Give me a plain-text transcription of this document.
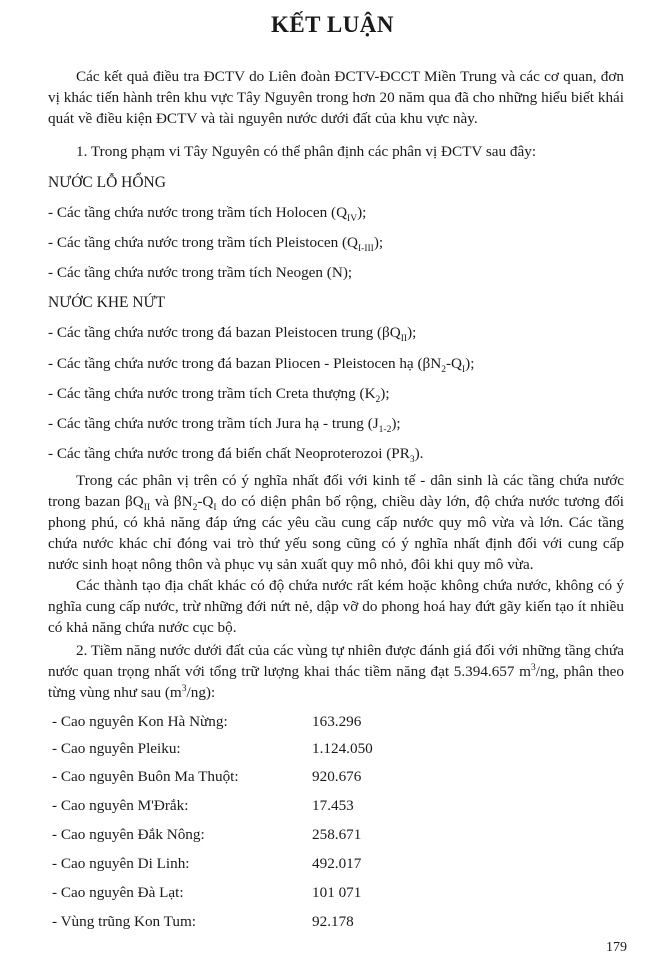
KẾT LUẬN
Các kết quả điều tra ĐCTV do Liên đoàn ĐCTV-ĐCCT Miền Trung và các cơ quan, đơn vị khác tiến hành trên khu vực Tây Nguyên trong hơn 20 năm qua đã cho những hiểu biết khái quát về điều kiện ĐCTV và tài nguyên nước dưới đất của khu vực này.
1. Trong phạm vi Tây Nguyên có thể phân định các phân vị ĐCTV sau đây:
NƯỚC LỖ HỔNG
- Các tầng chứa nước trong trầm tích Holocen $(Q_{IV})$;
- Các tầng chứa nước trong trầm tích Pleistocen $(Q_{I-III})$;
- Các tầng chứa nước trong trầm tích Neogen (N);
NƯỚC KHE NỨT
- Các tầng chứa nước trong đá bazan Pleistocen trung $(\beta Q_{II})$;
- Các tầng chứa nước trong đá bazan Pliocen - Pleistocen hạ $(\beta N_2-Q_I)$;
- Các tầng chứa nước trong trầm tích Creta thượng $(K_2)$;
- Các tầng chứa nước trong trầm tích Jura hạ - trung $(J_{1-2})$;
- Các tầng chứa nước trong đá biến chất Neoproterozoi $(PR_3)$.
Trong các phân vị trên có ý nghĩa nhất đối với kinh tế - dân sinh là các tầng chứa nước trong bazan $\beta Q_{II}$ và $\beta N_2-Q_I$ do có diện phân bố rộng, chiều dày lớn, độ chứa nước tương đối phong phú, có khả năng đáp ứng các yêu cầu cung cấp nước quy mô vừa và lớn. Các tầng chứa nước khác chỉ đóng vai trò thứ yếu song cũng có ý nghĩa nhất định đối với cung cấp nước sinh hoạt nông thôn và phục vụ sản xuất quy mô nhỏ, đôi khi quy mô vừa.
Các thành tạo địa chất khác có độ chứa nước rất kém hoặc không chứa nước, không có ý nghĩa cung cấp nước, trừ những đới nứt nẻ, dập vỡ do phong hoá hay đứt gãy kiến tạo ít nhiều có khả năng chứa nước cục bộ.
2. Tiềm năng nước dưới đất của các vùng tự nhiên được đánh giá đối với những tầng chứa nước quan trọng nhất với tổng trữ lượng khai thác tiềm năng đạt 5.394.657 $m^3/ng$, phân theo từng vùng như sau $(m^3/ng)$:
- Cao nguyên Kon Hà Nừng:	163.296
- Cao nguyên Pleiku:	1.124.050
- Cao nguyên Buôn Ma Thuột:	920.676
- Cao nguyên M'Đrắk:	17.453
- Cao nguyên Đắk Nông:	258.671
- Cao nguyên Di Linh:	492.017
- Cao nguyên Đà Lạt:	101 071
- Vùng trũng Kon Tum:	92.178
179
